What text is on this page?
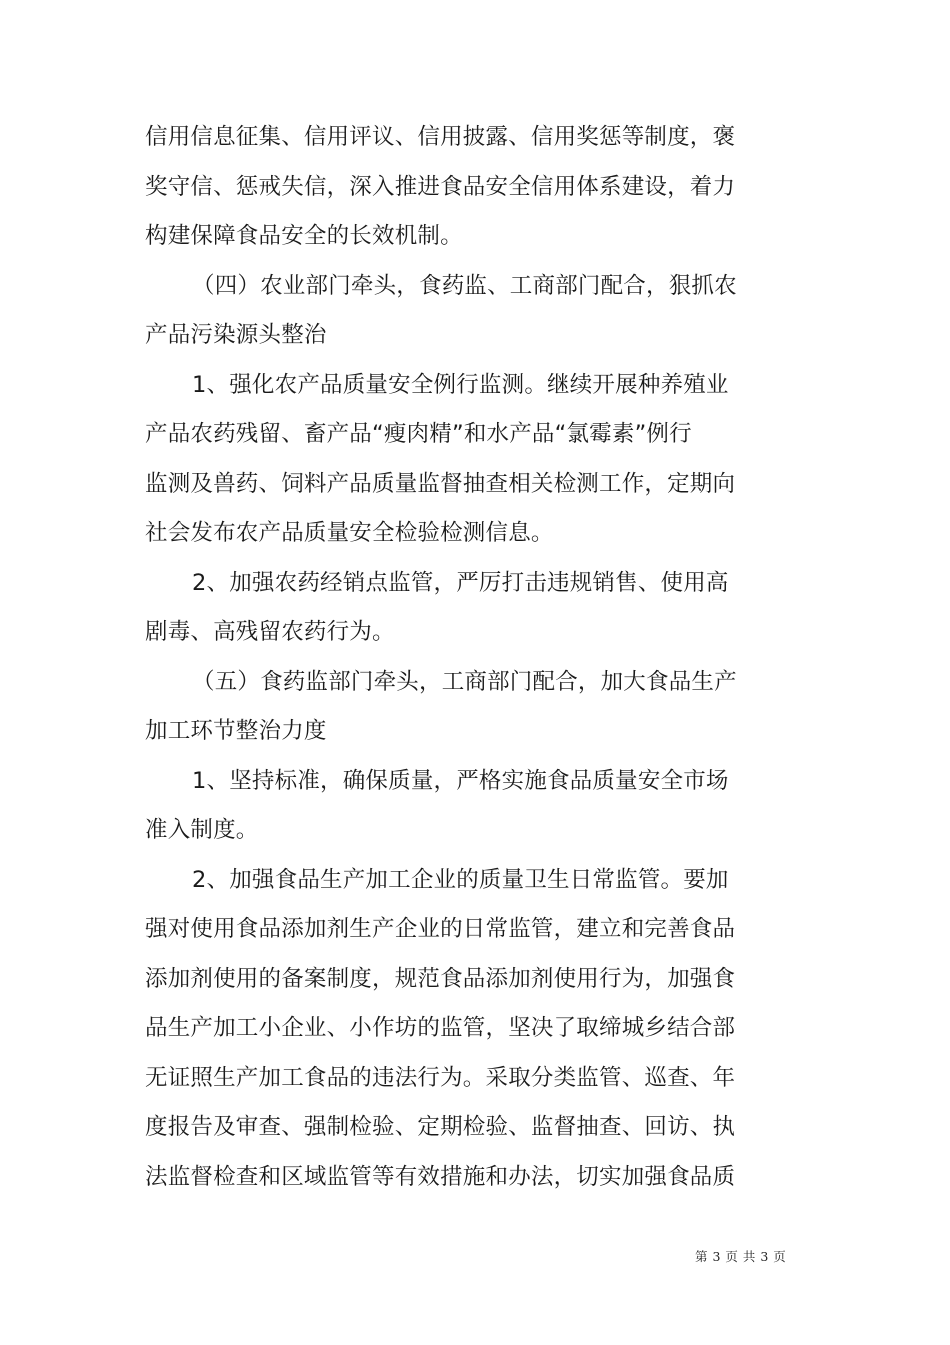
信用信息征集、信用评议、信用披露、信用奖惩等制度，褒
奖守信、惩戒失信，深入推进食品安全信用体系建设，着力
构建保障食品安全的长效机制。
（四）农业部门牵头，食药监、工商部门配合，狠抓农
产品污染源头整治
1、强化农产品质量安全例行监测。继续开展种养殖业
产品农药残留、畜产品“瘦肉精”和水产品“氯霉素”例行
监测及兽药、饲料产品质量监督抽查相关检测工作，定期向
社会发布农产品质量安全检验检测信息。
2、加强农药经销点监管，严厉打击违规销售、使用高
剧毒、高残留农药行为。
（五）食药监部门牵头，工商部门配合，加大食品生产
加工环节整治力度
1、坚持标准，确保质量，严格实施食品质量安全市场
准入制度。
2、加强食品生产加工企业的质量卫生日常监管。要加
强对使用食品添加剂生产企业的日常监管，建立和完善食品
添加剂使用的备案制度，规范食品添加剂使用行为，加强食
品生产加工小企业、小作坊的监管，坚决了取缔城乡结合部
无证照生产加工食品的违法行为。采取分类监管、巡查、年
度报告及审查、强制检验、定期检验、监督抽查、回访、执
法监督检查和区域监管等有效措施和办法，切实加强食品质
第 3 页 共 3 页
